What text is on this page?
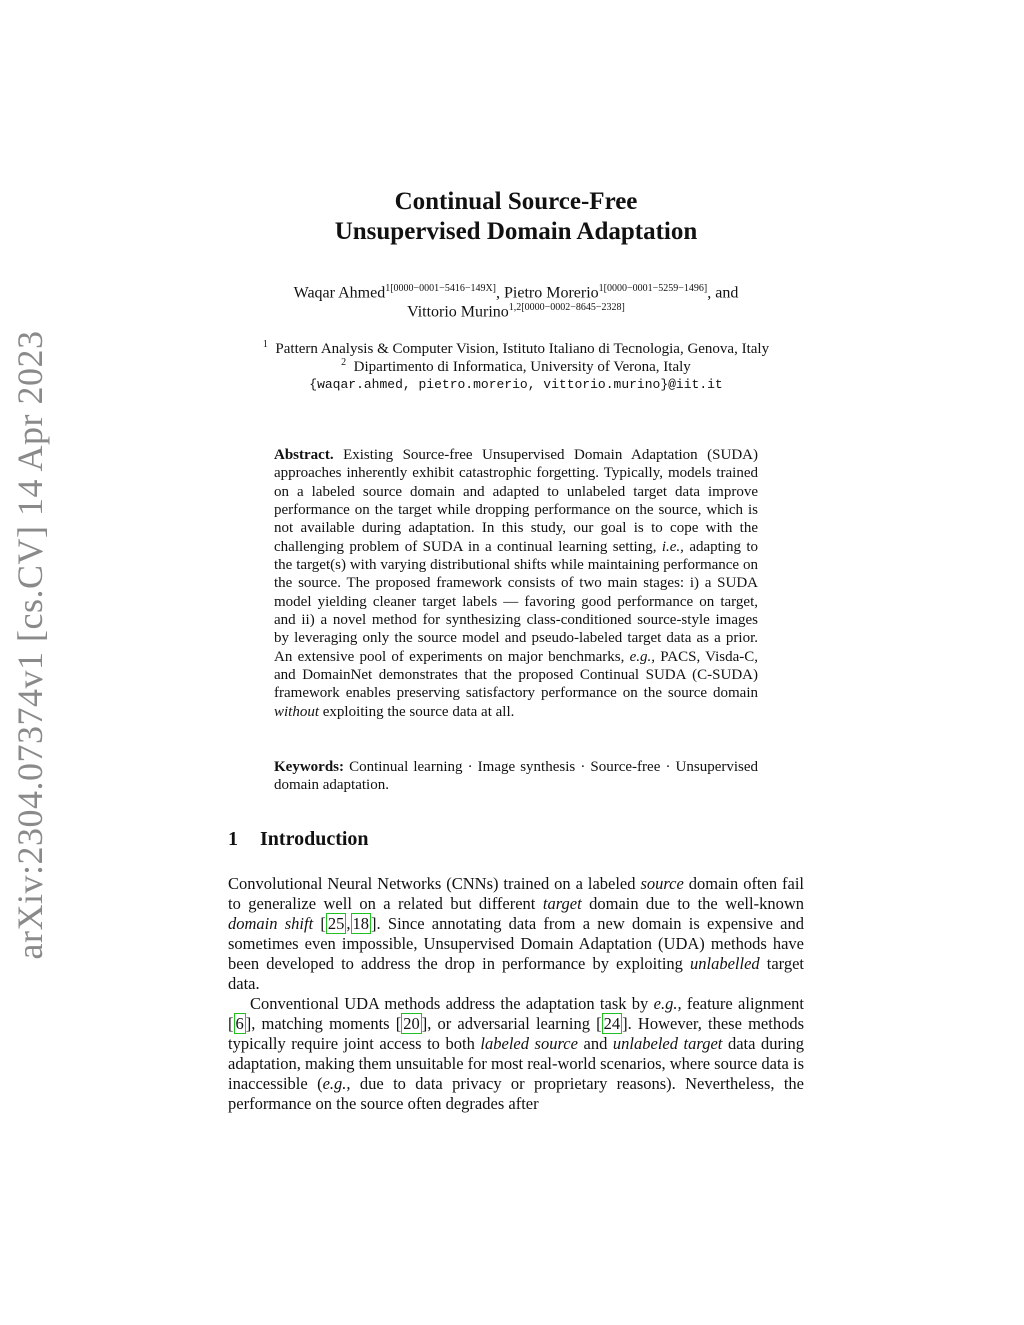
arXiv:2304.07374v1 [cs.CV] 14 Apr 2023
Continual Source-Free
Unsupervised Domain Adaptation
Waqar Ahmed$^{1[0000-0001-5416-149X]}$, Pietro Morerio$^{1[0000-0001-5259-1496]}$, and
Vittorio Murino$^{1,2[0000-0002-8645-2328]}$
$^1$ Pattern Analysis & Computer Vision, Istituto Italiano di Tecnologia, Genova, Italy
$^2$ Dipartimento di Informatica, University of Verona, Italy
{waqar.ahmed, pietro.morerio, vittorio.murino}@iit.it
Abstract. Existing Source-free Unsupervised Domain Adaptation (SUDA) approaches inherently exhibit catastrophic forgetting. Typically, models trained on a labeled source domain and adapted to unlabeled target data improve performance on the target while dropping performance on the source, which is not available during adaptation. In this study, our goal is to cope with the challenging problem of SUDA in a continual learning setting, i.e., adapting to the target(s) with varying distributional shifts while maintaining performance on the source. The proposed framework consists of two main stages: i) a SUDA model yielding cleaner target labels — favoring good performance on target, and ii) a novel method for synthesizing class-conditioned source-style images by leveraging only the source model and pseudo-labeled target data as a prior. An extensive pool of experiments on major benchmarks, e.g., PACS, Visda-C, and DomainNet demonstrates that the proposed Continual SUDA (C-SUDA) framework enables preserving satisfactory performance on the source domain without exploiting the source data at all.
Keywords: Continual learning · Image synthesis · Source-free · Unsupervised domain adaptation.
1 Introduction
Convolutional Neural Networks (CNNs) trained on a labeled source domain often fail to generalize well on a related but different target domain due to the well-known domain shift [ 25 , 18 ]. Since annotating data from a new domain is expensive and sometimes even impossible, Unsupervised Domain Adaptation (UDA) methods have been developed to address the drop in performance by exploiting unlabelled target data.
Conventional UDA methods address the adaptation task by e.g., feature alignment [ 6 ], matching moments [ 20 ], or adversarial learning [ 24 ]. However, these methods typically require joint access to both labeled source and unlabeled target data during adaptation, making them unsuitable for most real-world scenarios, where source data is inaccessible (e.g., due to data privacy or proprietary reasons). Nevertheless, the performance on the source often degrades after
